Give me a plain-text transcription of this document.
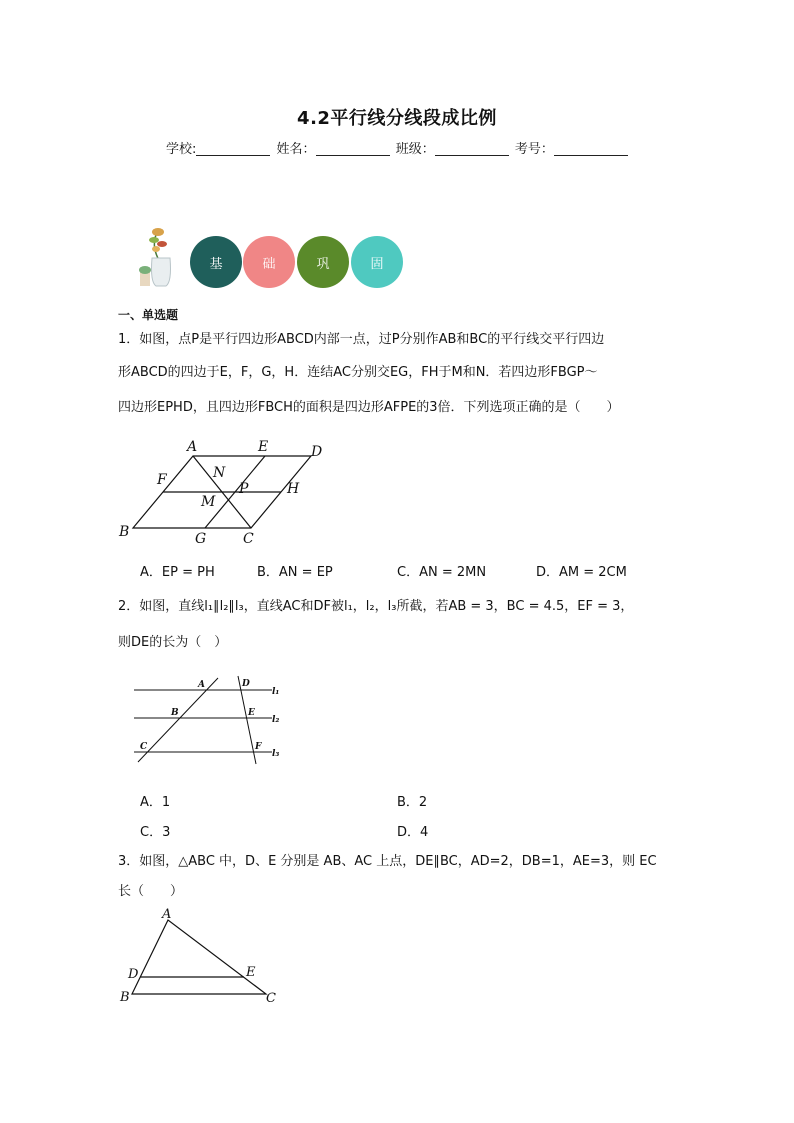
4.2平行线分线段成比例
学校:	姓名：	班级：	考号：
基	础	巩	固
一、单选题
1．如图，点P是平行四边形ABCD内部一点，过P分别作AB和BC的平行线交平行四边
形ABCD的四边于E，F，G，H．连结AC分别交EG，FH于M和N．若四边形FBGP～
四边形EPHD，且四边形FBCH的面积是四边形AFPE的3倍．下列选项正确的是（　　）
A	E	D
F	N
P	H
M
B	G	C
A．EP = PH	B．AN = EP	C．AN = 2MN	D．AM = 2CM
2．如图，直线l₁∥l₂∥l₃，直线AC和DF被l₁，l₂，l₃所截，若AB = 3，BC = 4.5，EF = 3，
则DE的长为（　）
A	D
l₁
B	E
l₂
C	F
l₃
A．1	B．2
C．3	D．4
3．如图，△ABC 中，D、E 分别是 AB、AC 上点，DE∥BC，AD=2，DB=1，AE=3，则 EC
长（　　）
A
D	E
B	C
